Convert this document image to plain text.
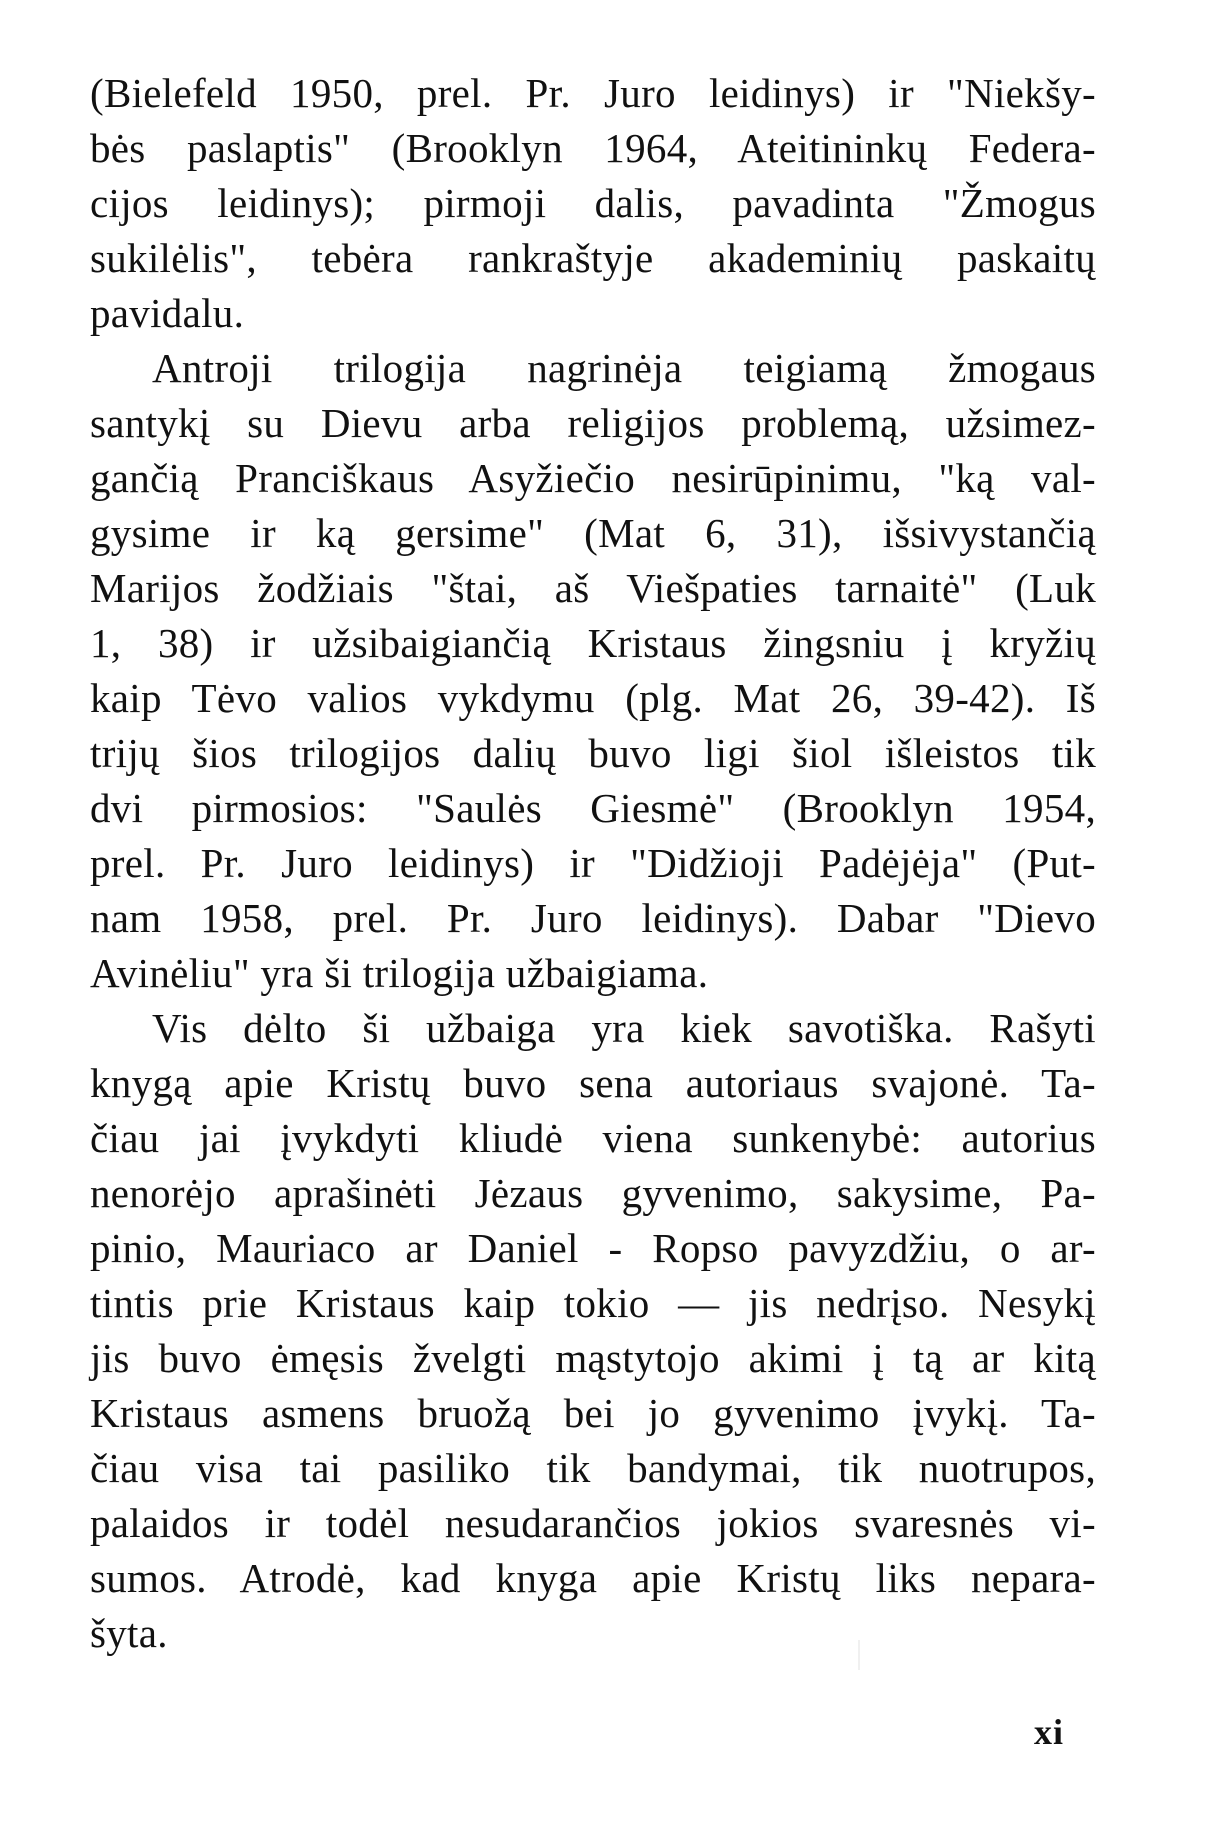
(Bielefeld 1950, prel. Pr. Juro leidinys) ir "Niekšy-
bės paslaptis" (Brooklyn 1964, Ateitininkų Federa-
cijos leidinys); pirmoji dalis, pavadinta "Žmogus
sukilėlis", tebėra rankraštyje akademinių paskaitų
pavidalu.
Antroji trilogija nagrinėja teigiamą žmogaus
santykį su Dievu arba religijos problemą, užsimez-
gančią Pranciškaus Asyžiečio nesirūpinimu, "ką val-
gysime ir ką gersime" (Mat 6, 31), išsivystančią
Marijos žodžiais "štai, aš Viešpaties tarnaitė" (Luk
1, 38) ir užsibaigiančią Kristaus žingsniu į kryžių
kaip Tėvo valios vykdymu (plg. Mat 26, 39-42). Iš
trijų šios trilogijos dalių buvo ligi šiol išleistos tik
dvi pirmosios: "Saulės Giesmė" (Brooklyn 1954,
prel. Pr. Juro leidinys) ir "Didžioji Padėjėja" (Put-
nam 1958, prel. Pr. Juro leidinys). Dabar "Dievo
Avinėliu" yra ši trilogija užbaigiama.
Vis dėlto ši užbaiga yra kiek savotiška. Rašyti
knygą apie Kristų buvo sena autoriaus svajonė. Ta-
čiau jai įvykdyti kliudė viena sunkenybė: autorius
nenorėjo aprašinėti Jėzaus gyvenimo, sakysime, Pa-
pinio, Mauriaco ar Daniel - Ropso pavyzdžiu, o ar-
tintis prie Kristaus kaip tokio — jis nedrįso. Nesykį
jis buvo ėmęsis žvelgti mąstytojo akimi į tą ar kitą
Kristaus asmens bruožą bei jo gyvenimo įvykį. Ta-
čiau visa tai pasiliko tik bandymai, tik nuotrupos,
palaidos ir todėl nesudarančios jokios svaresnės vi-
sumos. Atrodė, kad knyga apie Kristų liks nepara-
šyta.
xi
